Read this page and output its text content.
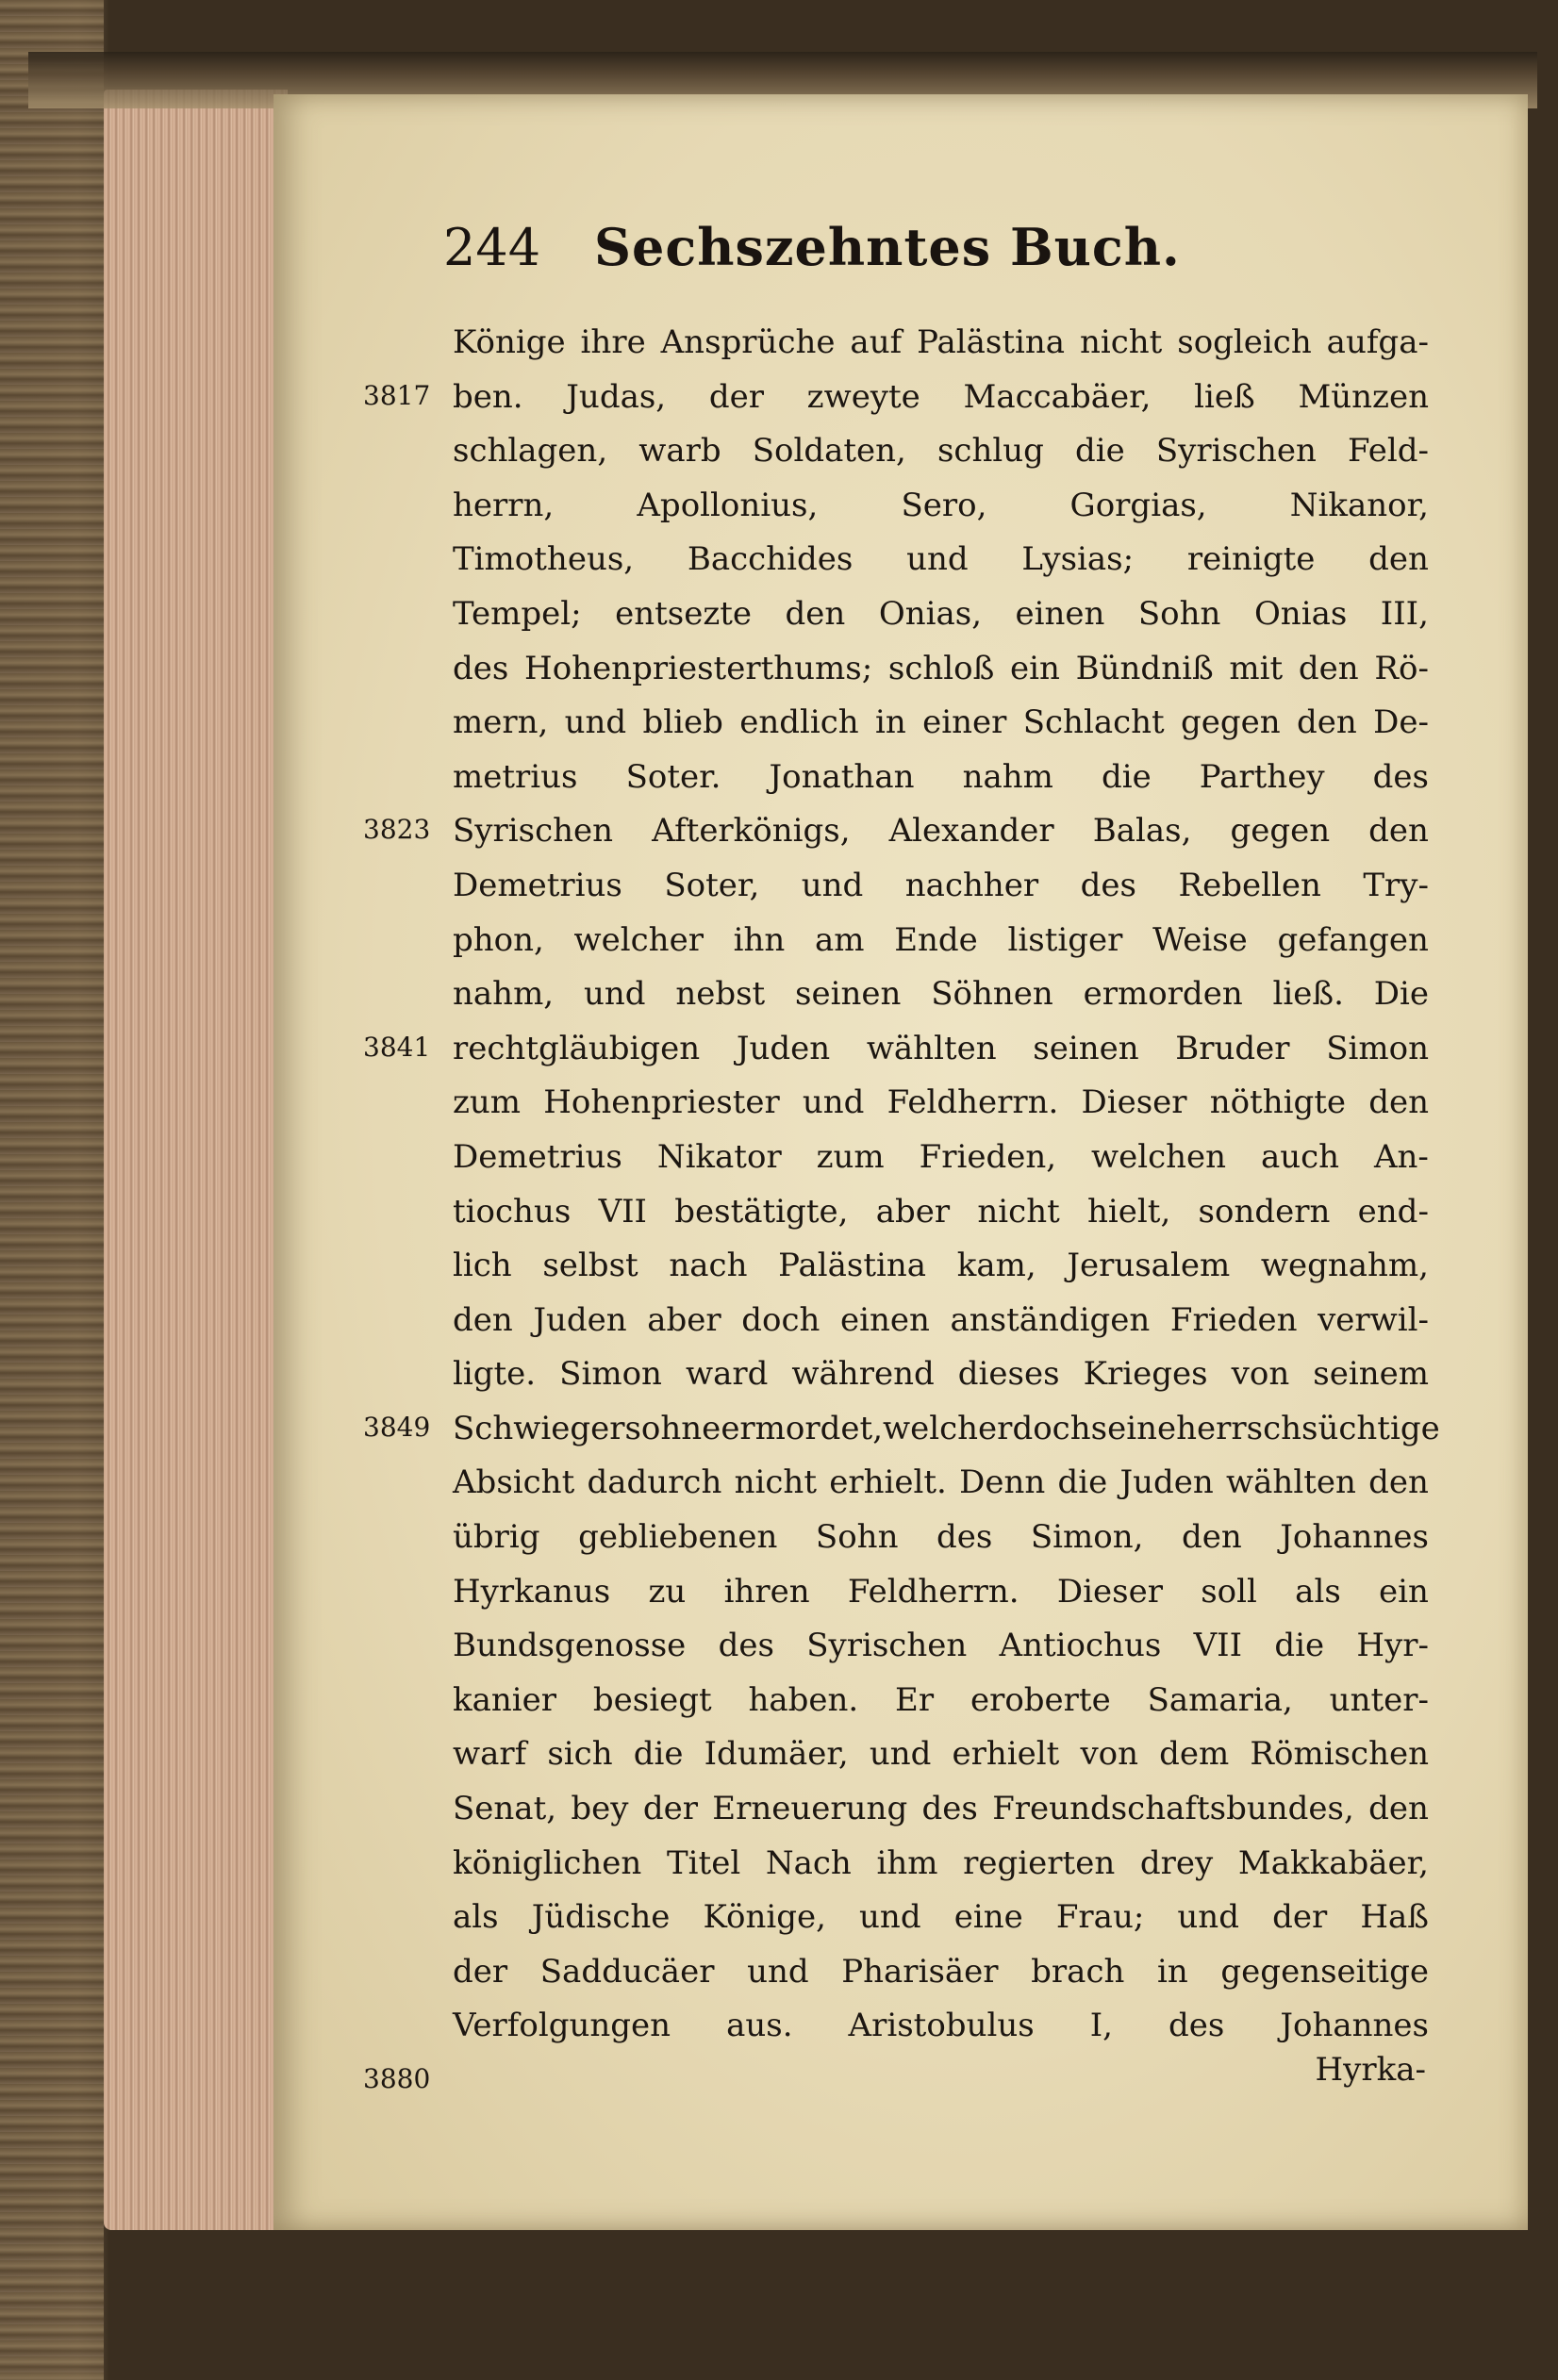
244	Sechszehntes Buch.
3817
3823
3841
3849
3880
Könige ihre Ansprüche auf Palästina nicht sogleich aufga-
ben. Judas, der zweyte Maccabäer, ließ Münzen
schlagen, warb Soldaten, schlug die Syrischen Feld-
herrn,	Apollonius,	Sero,	Gorgias,	Nikanor,
Timotheus, Bacchides und Lysias; reinigte den
Tempel; entsezte den Onias, einen Sohn Onias III,
des Hohenpriesterthums; schloß ein Bündniß mit den Rö-
mern, und blieb endlich in einer Schlacht gegen den De-
metrius Soter. Jonathan nahm die Parthey des
Syrischen Afterkönigs, Alexander Balas, gegen den
Demetrius Soter, und nachher des Rebellen Try-
phon, welcher ihn am Ende listiger Weise gefangen
nahm, und nebst seinen Söhnen ermorden ließ. Die
rechtgläubigen Juden wählten seinen Bruder Simon
zum Hohenpriester und Feldherrn. Dieser nöthigte den
Demetrius Nikator zum Frieden, welchen auch An-
tiochus VII bestätigte, aber nicht hielt, sondern end-
lich selbst nach Palästina kam, Jerusalem wegnahm,
den Juden aber doch einen anständigen Frieden verwil-
ligte. Simon ward während dieses Krieges von seinem
Schwiegersohne ermordet, welcher doch seine herrschsüchtige
Absicht dadurch nicht erhielt. Denn die Juden wählten den
übrig gebliebenen Sohn des Simon, den Johannes
Hyrkanus zu ihren Feldherrn. Dieser soll als ein
Bundsgenosse des Syrischen Antiochus VII die Hyr-
kanier besiegt haben. Er eroberte Samaria, unter-
warf sich die Idumäer, und erhielt von dem Römischen
Senat, bey der Erneuerung des Freundschaftsbundes, den
königlichen Titel Nach ihm regierten drey Makkabäer,
als Jüdische Könige, und eine Frau; und der Haß
der Sadducäer und Pharisäer brach in gegenseitige
Verfolgungen aus. Aristobulus I, des Johannes
Hyrka-
